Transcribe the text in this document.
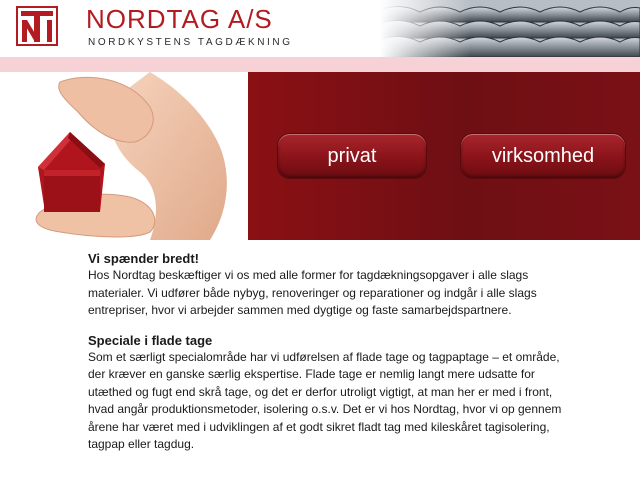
NORDTAG A/S
NORDKYSTENS TAGDÆKNING
privat	virksomhed

Vi spænder bredt!

Hos Nordtag beskæftiger vi os med alle former for tagdækningsopgaver i alle slags materialer. Vi udfører både nybyg, renoveringer og reparationer og indgår i alle slags entrepriser, hvor vi arbejder sammen med dygtige og faste samarbejdspartnere.

Speciale i flade tage

Som et særligt specialområde har vi udførelsen af flade tage og tagpaptage – et område, der kræver en ganske særlig ekspertise. Flade tage er nemlig langt mere udsatte for utæthed og fugt end skrå tage, og det er derfor utroligt vigtigt, at man her er med i front, hvad angår produktionsmetoder, isolering o.s.v. Det er vi hos Nordtag, hvor vi op gennem årene har været med i udviklingen af et godt sikret fladt tag med kileskåret tagisolering, tagpap eller tagdug.
